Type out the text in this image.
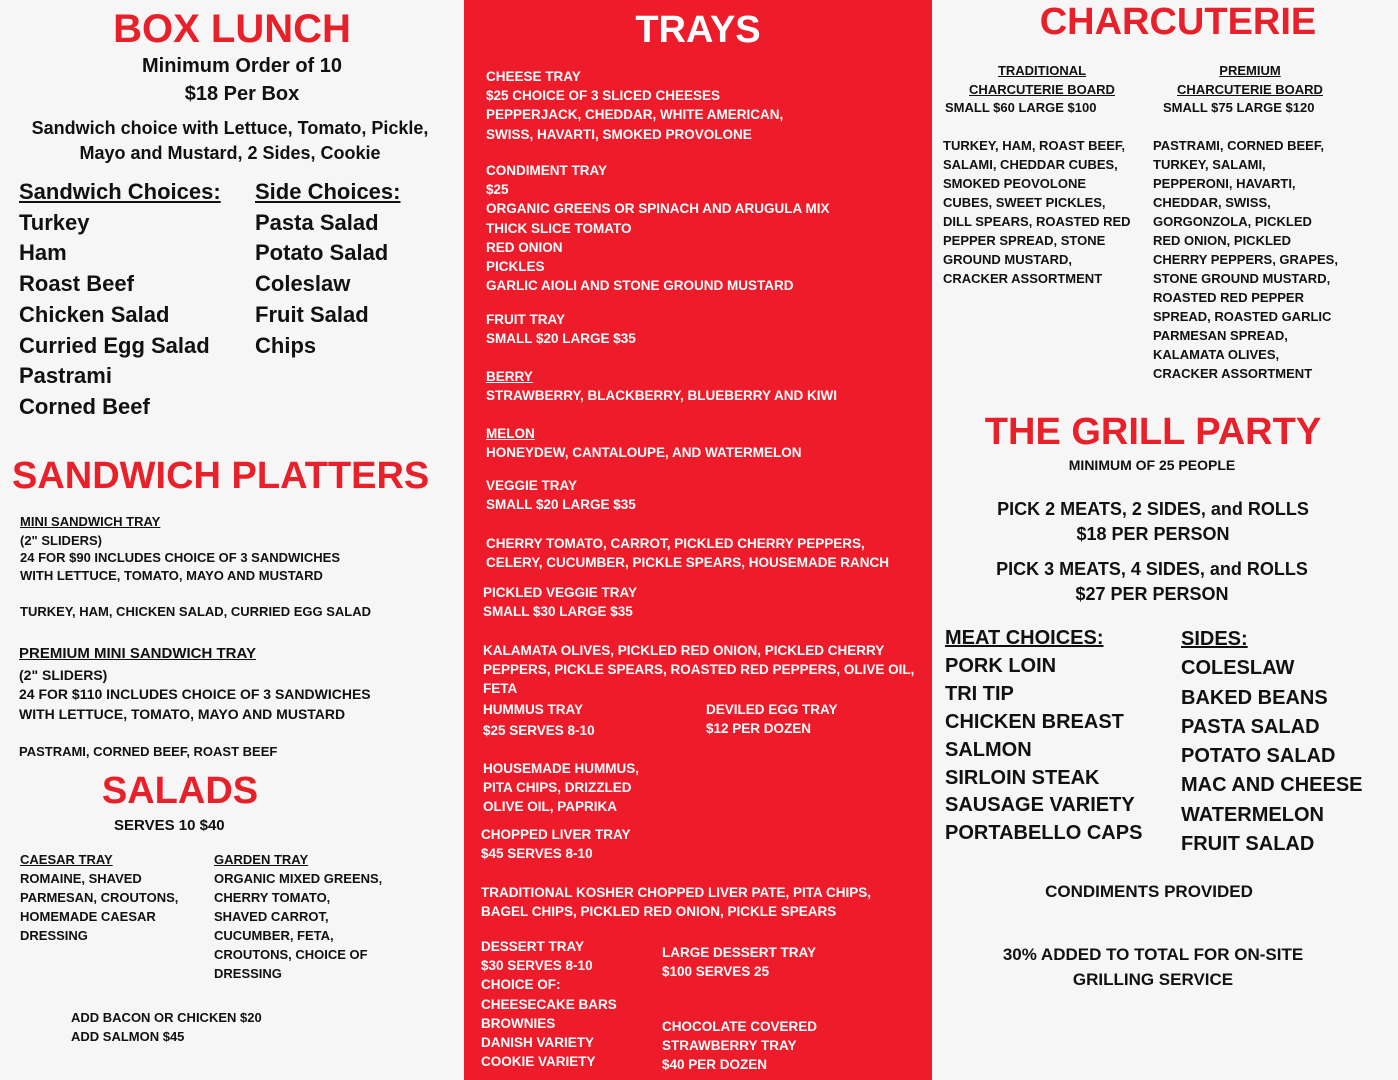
BOX LUNCH
Minimum Order of 10
$18 Per Box
Sandwich choice with Lettuce, Tomato, Pickle, Mayo and Mustard, 2 Sides, Cookie
Sandwich Choices:
Turkey
Ham
Roast Beef
Chicken Salad
Curried Egg Salad
Pastrami
Corned Beef
Side Choices:
Pasta Salad
Potato Salad
Coleslaw
Fruit Salad
Chips
SANDWICH PLATTERS
MINI SANDWICH TRAY
(2" SLIDERS)
24 FOR $90 INCLUDES CHOICE OF 3 SANDWICHES
WITH LETTUCE, TOMATO, MAYO AND MUSTARD
TURKEY, HAM, CHICKEN SALAD, CURRIED EGG SALAD
PREMIUM MINI SANDWICH TRAY
(2" SLIDERS)
24 FOR $110 INCLUDES CHOICE OF 3 SANDWICHES
WITH LETTUCE, TOMATO, MAYO AND MUSTARD
PASTRAMI, CORNED BEEF, ROAST BEEF
SALADS
SERVES 10 $40
CAESAR TRAY
ROMAINE, SHAVED
PARMESAN, CROUTONS,
HOMEMADE CAESAR
DRESSING
GARDEN TRAY
ORGANIC MIXED GREENS,
CHERRY TOMATO,
SHAVED CARROT,
CUCUMBER, FETA,
CROUTONS, CHOICE OF
DRESSING
ADD BACON OR CHICKEN $20
ADD SALMON $45
TRAYS
CHEESE TRAY
$25 CHOICE OF 3 SLICED CHEESES
PEPPERJACK, CHEDDAR, WHITE AMERICAN,
SWISS, HAVARTI, SMOKED PROVOLONE
CONDIMENT TRAY
$25
ORGANIC GREENS OR SPINACH AND ARUGULA MIX
THICK SLICE TOMATO
RED ONION
PICKLES
GARLIC AIOLI AND STONE GROUND MUSTARD
FRUIT TRAY
SMALL $20 LARGE $35
BERRY
STRAWBERRY, BLACKBERRY, BLUEBERRY AND KIWI
MELON
HONEYDEW, CANTALOUPE, AND WATERMELON
VEGGIE TRAY
SMALL $20 LARGE $35
CHERRY TOMATO, CARROT, PICKLED CHERRY PEPPERS,
CELERY, CUCUMBER, PICKLE SPEARS, HOUSEMADE RANCH
PICKLED VEGGIE TRAY
SMALL $30 LARGE $35
KALAMATA OLIVES, PICKLED RED ONION, PICKLED CHERRY
PEPPERS, PICKLE SPEARS, ROASTED RED PEPPERS, OLIVE OIL,
FETA
HUMMUS TRAY
$25 SERVES 8-10
DEVILED EGG TRAY
$12 PER DOZEN
HOUSEMADE HUMMUS,
PITA CHIPS, DRIZZLED
OLIVE OIL, PAPRIKA
CHOPPED LIVER TRAY
$45 SERVES 8-10
TRADITIONAL KOSHER CHOPPED LIVER PATE, PITA CHIPS,
BAGEL CHIPS, PICKLED RED ONION, PICKLE SPEARS
DESSERT TRAY
$30 SERVES 8-10
CHOICE OF:
CHEESECAKE BARS
BROWNIES
DANISH VARIETY
COOKIE VARIETY
LARGE DESSERT TRAY
$100 SERVES 25
CHOCOLATE COVERED
STRAWBERRY TRAY
$40 PER DOZEN
CHARCUTERIE
TRADITIONAL
CHARCUTERIE BOARD
SMALL $60 LARGE $100
PREMIUM
CHARCUTERIE BOARD
SMALL $75 LARGE $120
TURKEY, HAM, ROAST BEEF,
SALAMI, CHEDDAR CUBES,
SMOKED PEOVOLONE
CUBES, SWEET PICKLES,
DILL SPEARS, ROASTED RED
PEPPER SPREAD, STONE
GROUND MUSTARD,
CRACKER ASSORTMENT
PASTRAMI, CORNED BEEF,
TURKEY, SALAMI,
PEPPERONI, HAVARTI,
CHEDDAR, SWISS,
GORGONZOLA, PICKLED
RED ONION, PICKLED
CHERRY PEPPERS, GRAPES,
STONE GROUND MUSTARD,
ROASTED RED PEPPER
SPREAD, ROASTED GARLIC
PARMESAN SPREAD,
KALAMATA OLIVES,
CRACKER ASSORTMENT
THE GRILL PARTY
MINIMUM OF 25 PEOPLE
PICK 2 MEATS, 2 SIDES, and ROLLS
$18 PER PERSON
PICK 3 MEATS, 4 SIDES, and ROLLS
$27 PER PERSON
MEAT CHOICES:
PORK LOIN
TRI TIP
CHICKEN BREAST
SALMON
SIRLOIN STEAK
SAUSAGE VARIETY
PORTABELLO CAPS
SIDES:
COLESLAW
BAKED BEANS
PASTA SALAD
POTATO SALAD
MAC AND CHEESE
WATERMELON
FRUIT SALAD
CONDIMENTS PROVIDED
30% ADDED TO TOTAL FOR ON-SITE
GRILLING SERVICE
